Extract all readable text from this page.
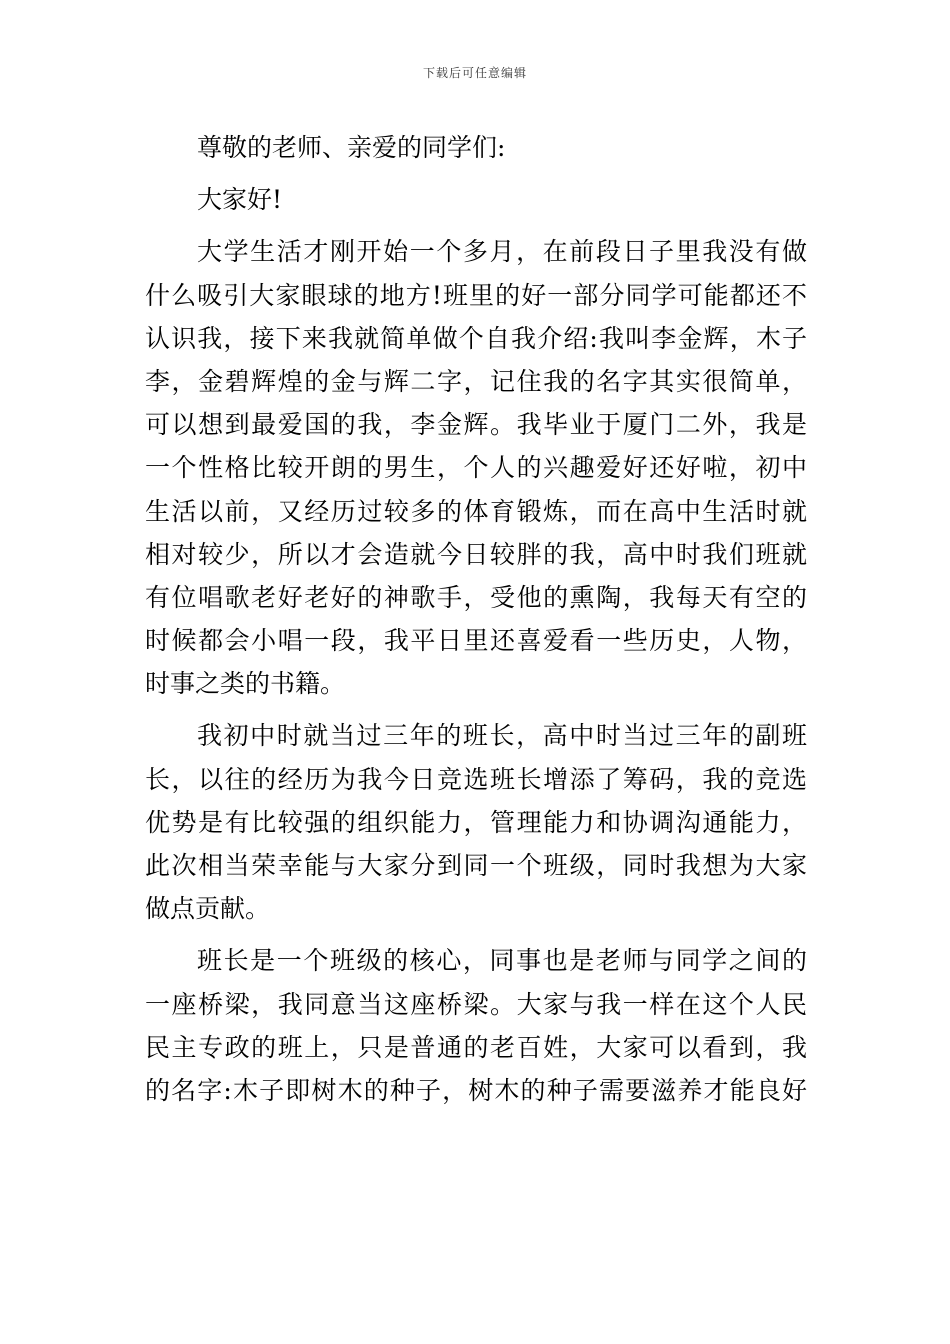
下载后可任意编辑
尊敬的老师、亲爱的同学们:
大家好!
大学生活才刚开始一个多月，在前段日子里我没有做
什么吸引大家眼球的地方!班里的好一部分同学可能都还不
认识我，接下来我就简单做个自我介绍:我叫李金辉，木子
李，金碧辉煌的金与辉二字，记住我的名字其实很简单，
可以想到最爱国的我，李金辉。我毕业于厦门二外，我是
一个性格比较开朗的男生，个人的兴趣爱好还好啦，初中
生活以前，又经历过较多的体育锻炼，而在高中生活时就
相对较少，所以才会造就今日较胖的我，高中时我们班就
有位唱歌老好老好的神歌手，受他的熏陶，我每天有空的
时候都会小唱一段，我平日里还喜爱看一些历史，人物，
时事之类的书籍。
我初中时就当过三年的班长，高中时当过三年的副班
长，以往的经历为我今日竞选班长增添了筹码，我的竞选
优势是有比较强的组织能力，管理能力和协调沟通能力，
此次相当荣幸能与大家分到同一个班级，同时我想为大家
做点贡献。
班长是一个班级的核心，同事也是老师与同学之间的
一座桥梁，我同意当这座桥梁。大家与我一样在这个人民
民主专政的班上，只是普通的老百姓，大家可以看到，我
的名字:木子即树木的种子，树木的种子需要滋养才能良好
